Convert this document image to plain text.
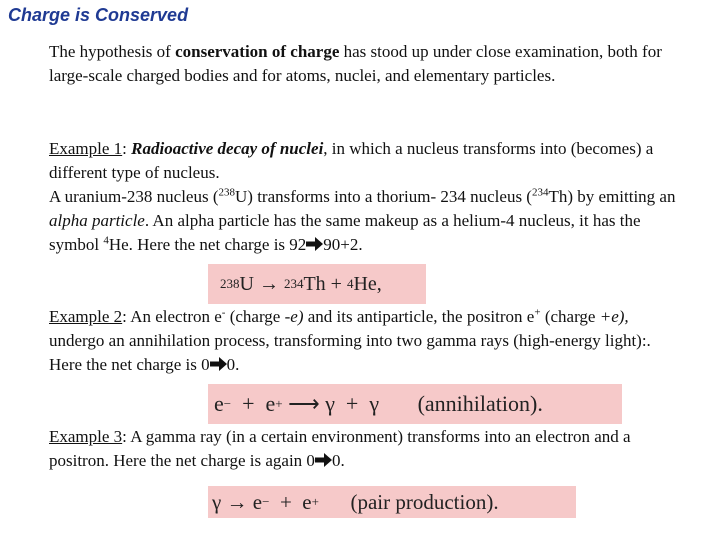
Charge is Conserved

The hypothesis of conservation of charge has stood up under close examination, both for large-scale charged bodies and for atoms, nuclei, and elementary particles.

Example 1: Radioactive decay of nuclei, in which a nucleus transforms into (becomes) a different type of nucleus.
A uranium-238 nucleus ($^{238}$U) transforms into a thorium- 234 nucleus ($^{234}$Th) by emitting an alpha particle. An alpha particle has the same makeup as a helium-4 nucleus, it has the symbol $^4$He. Here the net charge is 92 90+2.

238 U
→
234 Th
+
4 He,

Example 2: An electron e- (charge -e) and its antiparticle, the positron e+ (charge +e), undergo an annihilation process, transforming into two gamma rays (high-energy light):. Here the net charge is 0 0.

e −
+
e +
⟶
γ
+
γ
(annihilation).

Example 3: A gamma ray (in a certain environment) transforms into an electron and a positron. Here the net charge is again 0 0.

γ
→
e −
+
e +
(pair production).
